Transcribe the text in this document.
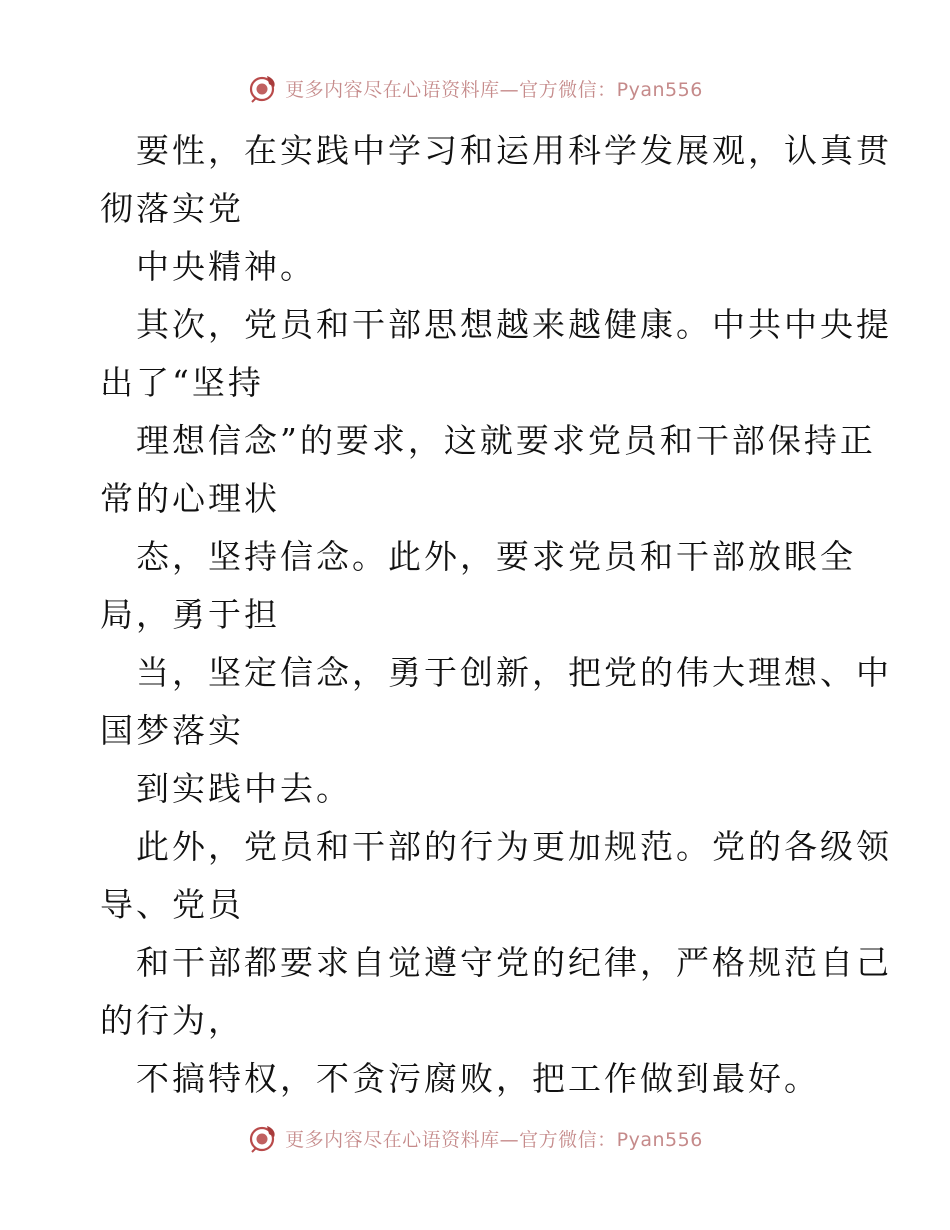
更多内容尽在心语资料库—官方微信：Pyan556
要性，在实践中学习和运用科学发展观，认真贯
彻落实党
中央精神。
其次，党员和干部思想越来越健康。中共中央提
出了“坚持
理想信念”的要求，这就要求党员和干部保持正
常的心理状
态，坚持信念。此外，要求党员和干部放眼全
局，勇于担
当，坚定信念，勇于创新，把党的伟大理想、中
国梦落实
到实践中去。
此外，党员和干部的行为更加规范。党的各级领
导、党员
和干部都要求自觉遵守党的纪律，严格规范自己
的行为，
不搞特权，不贪污腐败，把工作做到最好。
更多内容尽在心语资料库—官方微信：Pyan556
